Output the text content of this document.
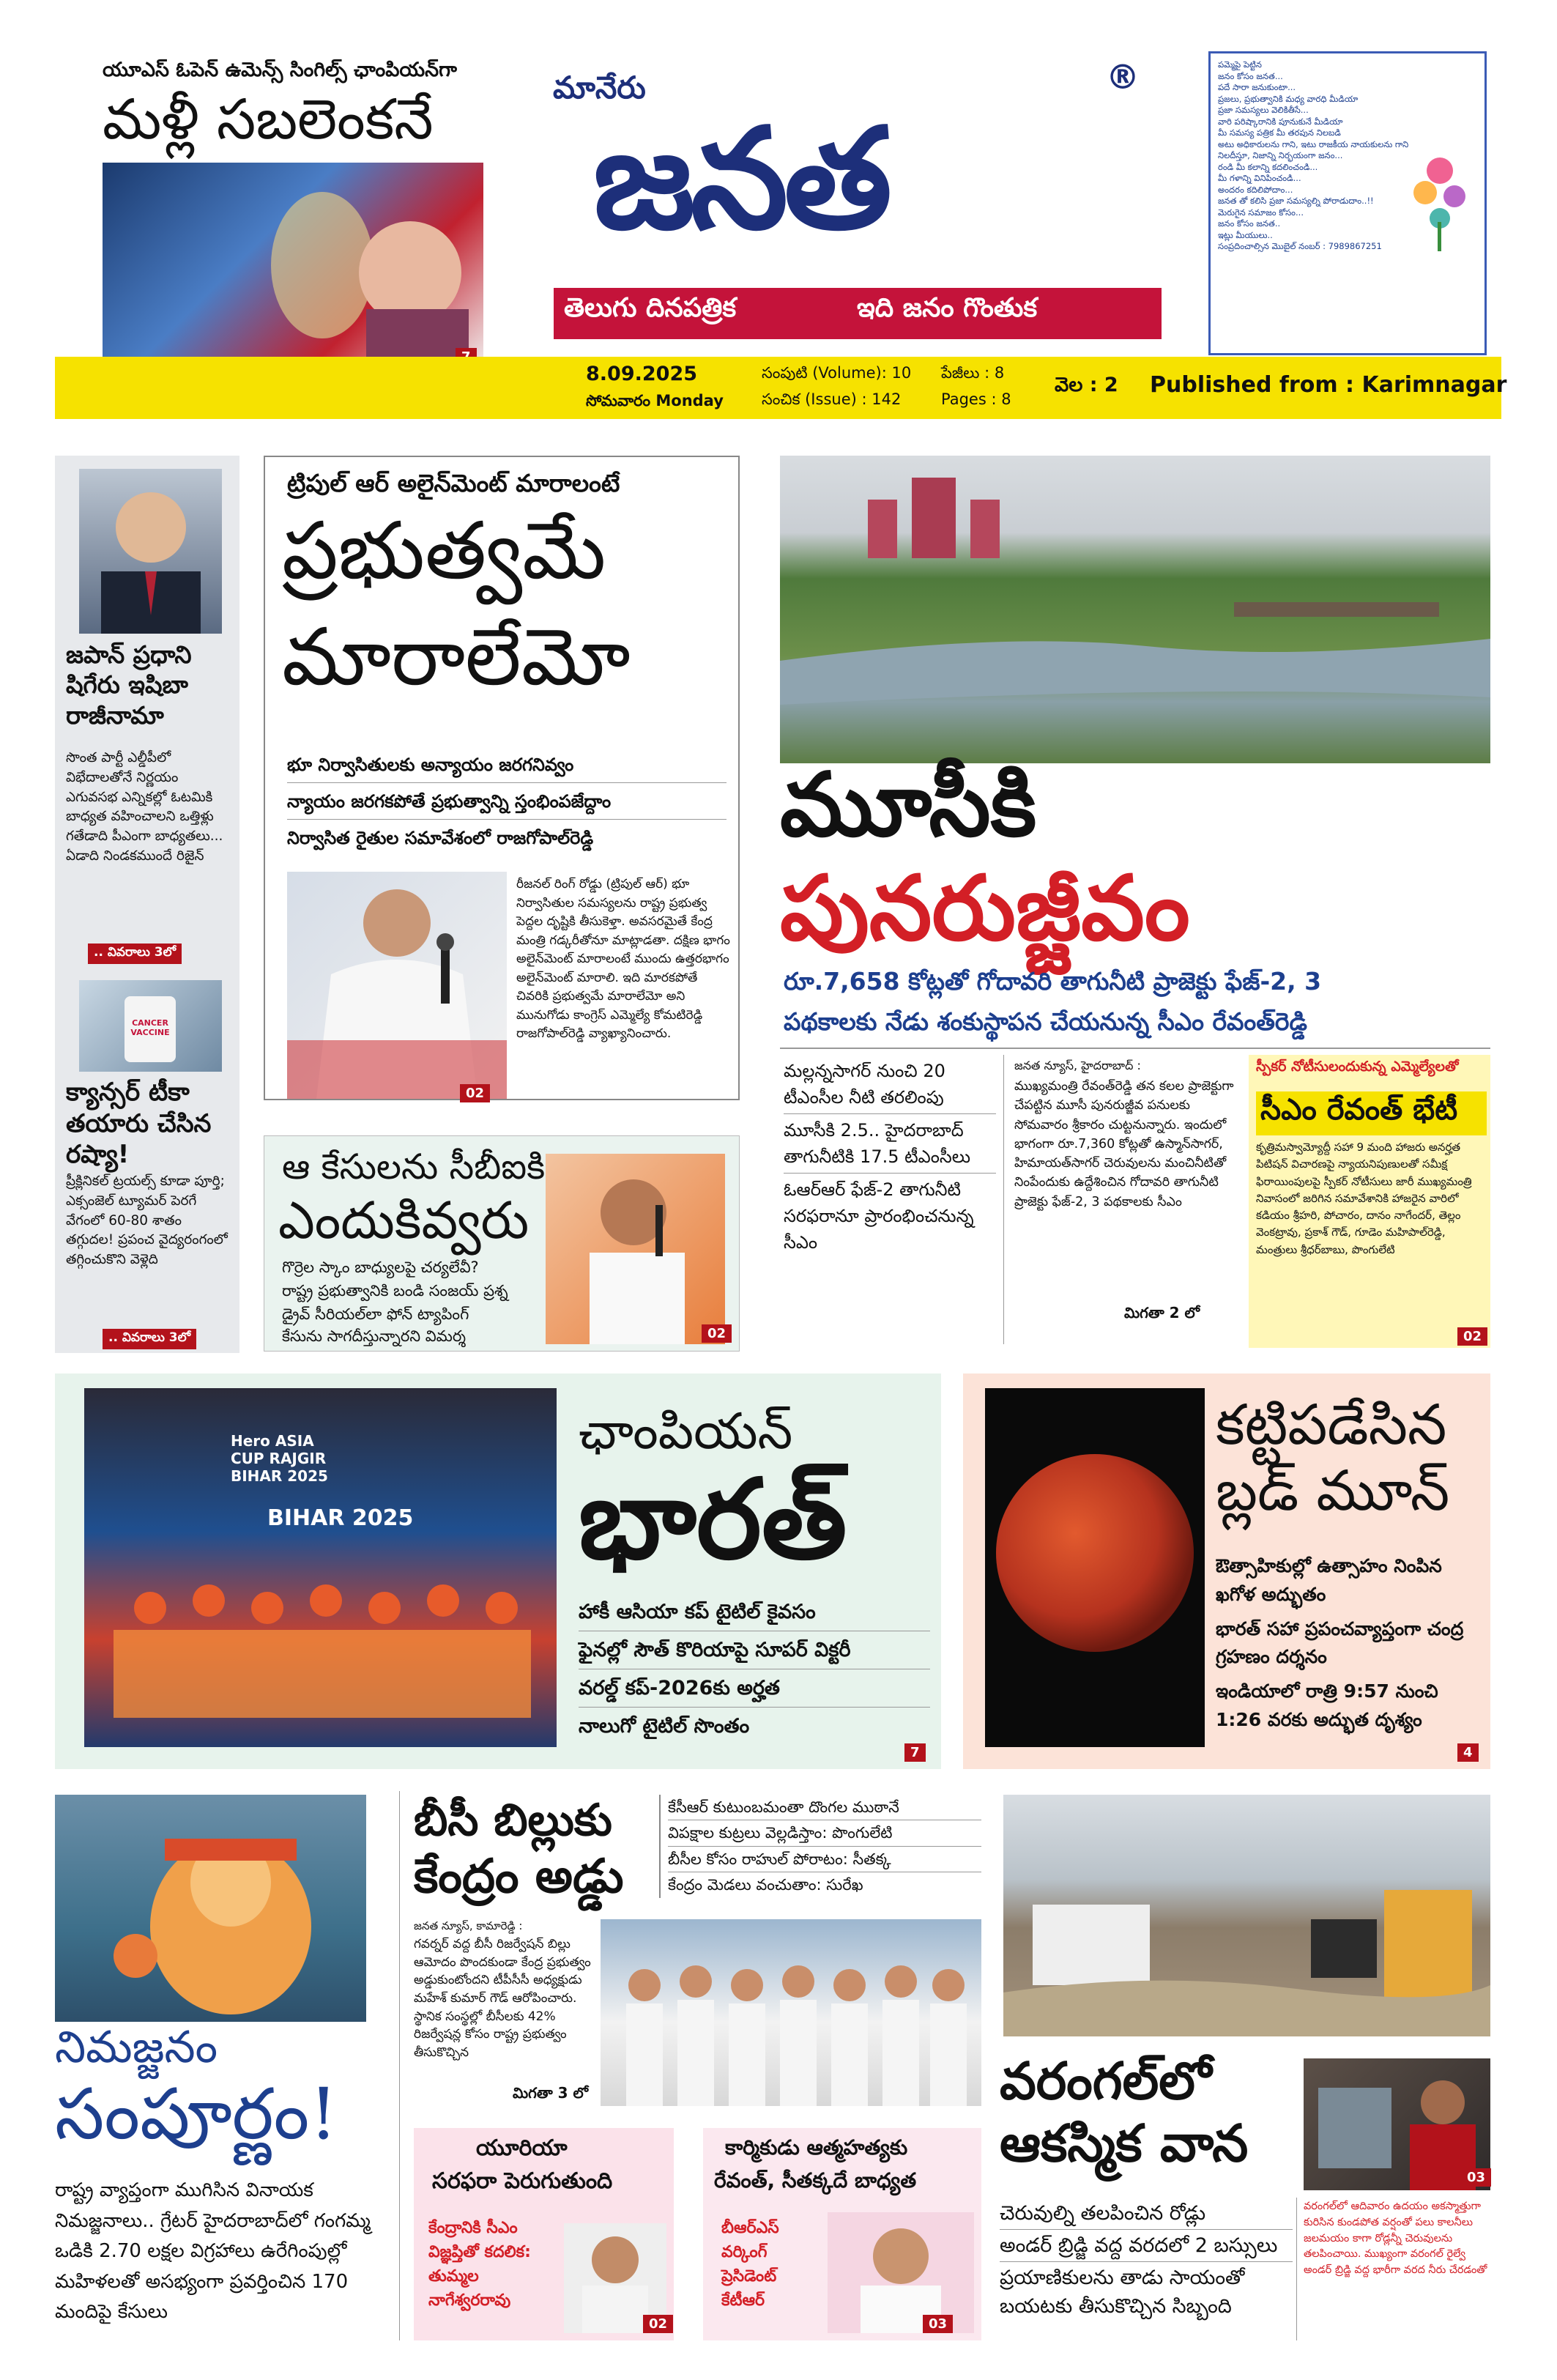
యూఎస్ ఓపెన్ ఉమెన్స్ సింగిల్స్ ఛాంపియన్‌గా
మళ్లీ సబలెంకనే	మానేరు
జనత
®
తెలుగు దినపత్రిక	ఇది జనం గొంతుక
పమ్మెపై పెట్టిన
జనం కోసం జనత...
పదే సారా జనుకుంటా...
ప్రజలు, ప్రభుత్వానికి మధ్య వారధి మీడియా
ప్రజా సమస్యలు వెలికితీసే...
వారి పరిష్కారానికి పూనుకునే మీడియా
మీ సమస్య పత్రిక మీ తరపున నిలబడి
అటు అధికారులను గాని, ఇటు రాజకీయ నాయకులను గాని
నిలదీస్తూ, నిజాన్ని నిర్భయంగా జనం...
రండి మీ కలాన్ని కదలించండి...
మీ గళాన్ని వినిపించండి...
అందరం కదిలిపోదాం...
జనత తో కలిసి ప్రజా సమస్యల్ని పోరాడుదాం..!!
మెరుగైన సమాజం కోసం...
జనం కోసం జనత..
ఇట్లు మీయులు..
సంప్రదించాల్సిన మొబైల్ నంబర్ : 7989867251
8.09.2025
సోమవారం Monday
సంపుటి (Volume): 10
సంచిక (Issue) : 142
పేజీలు : 8
Pages : 8
వెల : 2 Published from : Karimnagar
జపాన్ ప్రధాని షిగేరు ఇషిబా రాజీనామా
సొంత పార్టీ ఎల్డీపీలో విభేదాలతోనే నిర్ణయం ఎగువసభ ఎన్నికల్లో ఓటమికి బాధ్యత వహించాలని ఒత్తిళ్లు గతేడాది పీఎంగా బాధ్యతలు... ఏడాది నిండకముందే రిజైన్
.. వివరాలు 3లో
CANCER VACCINE
క్యాన్సర్ టీకా తయారు చేసిన రష్యా!
ప్రీక్లినికల్ ట్రయల్స్ కూడా పూర్తి; ఎక్సంజెల్ ట్యూమర్ పెరగే వేగంలో 60-80 శాతం తగ్గుదల! ప్రపంచ వైద్యరంగంలో తగ్గించుకొని వెళ్లెది
.. వివరాలు 3లో
ట్రిపుల్ ఆర్ అలైన్‌మెంట్ మారాలంటే
ప్రభుత్వమే
మారాలేమో
భూ నిర్వాసితులకు అన్యాయం జరగనివ్వం
న్యాయం జరగకపోతే ప్రభుత్వాన్ని స్తంభింపజేద్దాం
నిర్వాసిత రైతుల సమావేశంలో రాజగోపాల్‌రెడ్డి
02
రీజనల్ రింగ్ రోడ్డు (ట్రిపుల్ ఆర్) భూ నిర్వాసితుల సమస్యలను రాష్ట్ర ప్రభుత్వ పెద్దల దృష్టికి తీసుకెళ్తా. అవసరమైతే కేంద్ర మంత్రి గడ్కరీతోనూ మాట్లాడతా. దక్షిణ భాగం అలైన్‌మెంట్ మారాలంటే ముందు ఉత్తరభాగం అలైన్‌మెంట్ మారాలి. ఇది మారకపోతే చివరికి ప్రభుత్వమే మారాలేమో అని మునుగోడు కాంగ్రెస్ ఎమ్మెల్యే కోమటిరెడ్డి రాజగోపాల్‌రెడ్డి వ్యాఖ్యానించారు.
ఆ కేసులను సీబీఐకి
ఎందుకివ్వరు
గొర్రెల స్కాం బాధ్యులపై చర్యలేవీ?
రాష్ట్ర ప్రభుత్వానికి బండి సంజయ్ ప్రశ్న
డ్రైవ్ సీరియల్‌లా ఫోన్ ట్యాపింగ్
కేసును సాగదీస్తున్నారని విమర్శ	02
మూసీకి
పునరుజ్జీవం
రూ.7,658 కోట్లతో గోదావరి తాగునీటి ప్రాజెక్టు ఫేజ్-2, 3
పథకాలకు నేడు శంకుస్థాపన చేయనున్న సీఎం రేవంత్‌రెడ్డి
మల్లన్నసాగర్ నుంచి 20 టీఎంసీల నీటి తరలింపు
మూసీకి 2.5.. హైదరాబాద్ తాగునీటికి 17.5 టీఎంసీలు
ఓఆర్ఆర్ ఫేజ్-2 తాగునీటి సరఫరానూ ప్రారంభించనున్న సీఎం
జనత న్యూస్, హైదరాబాద్ :
ముఖ్యమంత్రి రేవంత్‌రెడ్డి తన కలల ప్రాజెక్టుగా చేపట్టిన మూసీ పునరుజ్జీవ పనులకు సోమవారం శ్రీకారం చుట్టనున్నారు. ఇందులో భాగంగా రూ.7,360 కోట్లతో ఉస్మాన్‌సాగర్, హిమాయత్‌సాగర్ చెరువులను మంచినీటితో నింపేందుకు ఉద్దేశించిన గోదావరి తాగునీటి ప్రాజెక్టు ఫేజ్-2, 3 పథకాలకు సీఎం
మిగతా 2 లో
స్పీకర్ నోటీసులందుకున్న ఎమ్మెల్యేలతో
సీఎం రేవంత్ భేటీ
కృత్రిమస్వామ్యోద్దీ సహా 9 మంది హాజరు అనర్హత పిటిషన్ విచారణపై న్యాయనిపుణులతో సమీక్ష ఫిరాయింపులపై స్పీకర్ నోటీసులు జారీ ముఖ్యమంత్రి నివాసంలో జరిగిన సమావేశానికి హాజరైన వారిలో కడియం శ్రీహరి, పోచారం, దానం నాగేందర్, తెల్లం వెంకట్రావు, ప్రకాశ్ గౌడ్, గూడెం మహిపాల్‌రెడ్డి, మంత్రులు శ్రీధర్‌బాబు, పొంగులేటి
02
Hero ASIA CUP RAJGIR BIHAR 2025
BIHAR 2025
ఛాంపియన్
భారత్
హాకీ ఆసియా కప్ టైటిల్ కైవసం
ఫైనల్లో సౌత్ కొరియాపై సూపర్ విక్టరీ
వరల్డ్ కప్-2026కు అర్హత
నాలుగో టైటిల్ సొంతం
7
కట్టిపడేసిన
బ్లడ్ మూన్
ఔత్సాహికుల్లో ఉత్సాహం నింపిన ఖగోళ అద్భుతం
భారత్ సహా ప్రపంచవ్యాప్తంగా చంద్ర గ్రహణం దర్శనం
ఇండియాలో రాత్రి 9:57 నుంచి 1:26 వరకు అద్భుత దృశ్యం
4
నిమజ్జనం
సంపూర్ణం!
రాష్ట్ర వ్యాప్తంగా ముగిసిన వినాయక నిమజ్జనాలు.. గ్రేటర్ హైదరాబాద్‌లో గంగమ్మ ఒడికి 2.70 లక్షల విగ్రహాలు ఉరేగింపుల్లో మహిళలతో అసభ్యంగా ప్రవర్తించిన 170 మందిపై కేసులు
బీసీ బిల్లుకు
కేంద్రం అడ్డు
కేసీఆర్ కుటుంబమంతా దొంగల ముఠానే
విపక్షాల కుట్రలు వెల్లడిస్తాం: పొంగులేటి
బీసీల కోసం రాహుల్ పోరాటం: సీతక్క
కేంద్రం మెడలు వంచుతాం: సురేఖ
జనత న్యూస్, కామారెడ్డి :
గవర్నర్ వద్ద బీసీ రిజర్వేషన్ బిల్లు ఆమోదం పొందకుండా కేంద్ర ప్రభుత్వం అడ్డుకుంటోందని టీపీసీసీ అధ్యక్షుడు మహేశ్ కుమార్ గౌడ్ ఆరోపించారు. స్థానిక సంస్థల్లో బీసీలకు 42% రిజర్వేషన్ల కోసం రాష్ట్ర ప్రభుత్వం తీసుకొచ్చిన
మిగతా 3 లో
యూరియా
సరఫరా పెరుగుతుంది
కేంద్రానికి సీఎం విజ్ఞప్తితో కదలిక: తుమ్మల నాగేశ్వరరావు
02
కార్మికుడు ఆత్మహత్యకు
రేవంత్, సీతక్కదే బాధ్యత
బీఆర్ఎస్ వర్కింగ్ ప్రెసిడెంట్ కేటీఆర్
03
వరంగల్‌లో
ఆకస్మిక వాన
03
చెరువుల్ని తలపించిన రోడ్లు
అండర్ బ్రిడ్జి వద్ద వరదలో 2 బస్సులు
ప్రయాణికులను తాడు సాయంతో బయటకు తీసుకొచ్చిన సిబ్బంది
వరంగల్‌లో ఆదివారం ఉదయం అకస్మాత్తుగా కురిసిన కుండపోత వర్షంతో పలు కాలనీలు జలమయం కాగా రోడ్లన్నీ చెరువులను తలపించాయి. ముఖ్యంగా వరంగల్ రైల్వే అండర్ బ్రిడ్జి వద్ద భారీగా వరద నీరు చేరడంతో
